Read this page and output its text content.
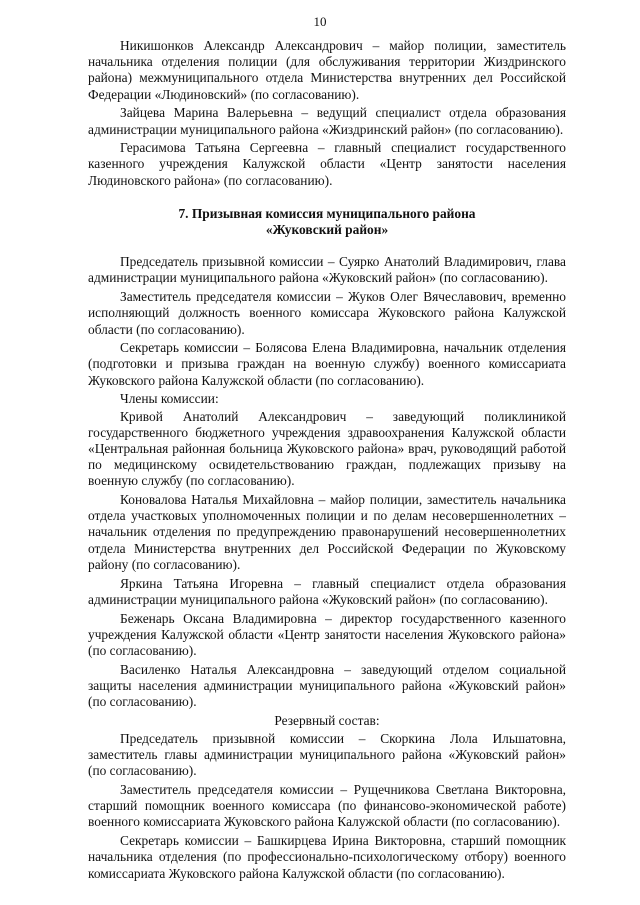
10

Никишонков Александр Александрович – майор полиции, заместитель начальника отделения полиции (для обслуживания территории Жиздринского района) межмуниципального отдела Министерства внутренних дел Российской Федерации «Людиновский» (по согласованию).

Зайцева Марина Валерьевна – ведущий специалист отдела образования администрации муниципального района «Жиздринский район» (по согласованию).

Герасимова Татьяна Сергеевна – главный специалист государственного казенного учреждения Калужской области «Центр занятости населения Людиновского района» (по согласованию).

7. Призывная комиссия муниципального района
«Жуковский район»

Председатель призывной комиссии – Суярко Анатолий Владимирович, глава администрации муниципального района «Жуковский район» (по согласованию).

Заместитель председателя комиссии – Жуков Олег Вячеславович, временно исполняющий должность военного комиссара Жуковского района Калужской области (по согласованию).

Секретарь комиссии – Болясова Елена Владимировна, начальник отделения (подготовки и призыва граждан на военную службу) военного комиссариата Жуковского района Калужской области (по согласованию).

Члены комиссии:

Кривой Анатолий Александрович – заведующий поликлиникой государственного бюджетного учреждения здравоохранения Калужской области «Центральная районная больница Жуковского района» врач, руководящий работой по медицинскому освидетельствованию граждан, подлежащих призыву на военную службу (по согласованию).

Коновалова Наталья Михайловна – майор полиции, заместитель начальника отдела участковых уполномоченных полиции и по делам несовершеннолетних – начальник отделения по предупреждению правонарушений несовершеннолетних отдела Министерства внутренних дел Российской Федерации по Жуковскому району (по согласованию).

Яркина Татьяна Игоревна – главный специалист отдела образования администрации муниципального района «Жуковский район» (по согласованию).

Беженарь Оксана Владимировна – директор государственного казенного учреждения Калужской области «Центр занятости населения Жуковского района» (по согласованию).

Василенко Наталья Александровна – заведующий отделом социальной защиты населения администрации муниципального района «Жуковский район» (по согласованию).

Резервный состав:

Председатель призывной комиссии – Скоркина Лола Ильшатовна, заместитель главы администрации муниципального района «Жуковский район» (по согласованию).

Заместитель председателя комиссии – Рущечникова Светлана Викторовна, старший помощник военного комиссара (по финансово-экономической работе) военного комиссариата Жуковского района Калужской области (по согласованию).

Секретарь комиссии – Башкирцева Ирина Викторовна, старший помощник начальника отделения (по профессионально-психологическому отбору) военного комиссариата Жуковского района Калужской области (по согласованию).
